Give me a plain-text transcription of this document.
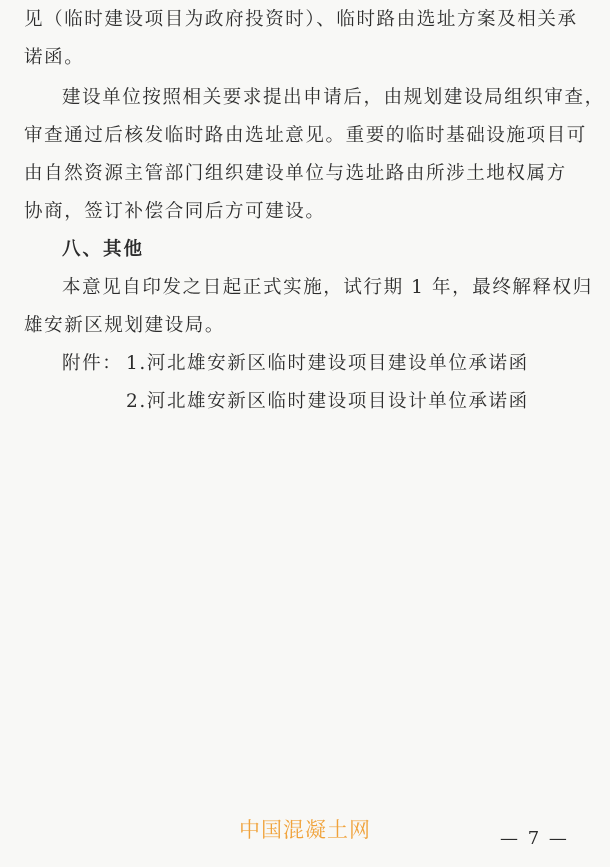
见（临时建设项目为政府投资时）、临时路由选址方案及相关承
诺函。
建设单位按照相关要求提出申请后，由规划建设局组织审查，
审查通过后核发临时路由选址意见。重要的临时基础设施项目可
由自然资源主管部门组织建设单位与选址路由所涉土地权属方
协商，签订补偿合同后方可建设。
八、其他
本意见自印发之日起正式实施，试行期 1 年，最终解释权归
雄安新区规划建设局。
附件： 1.河北雄安新区临时建设项目建设单位承诺函
2.河北雄安新区临时建设项目设计单位承诺函
中国混凝土网	— 7 —
